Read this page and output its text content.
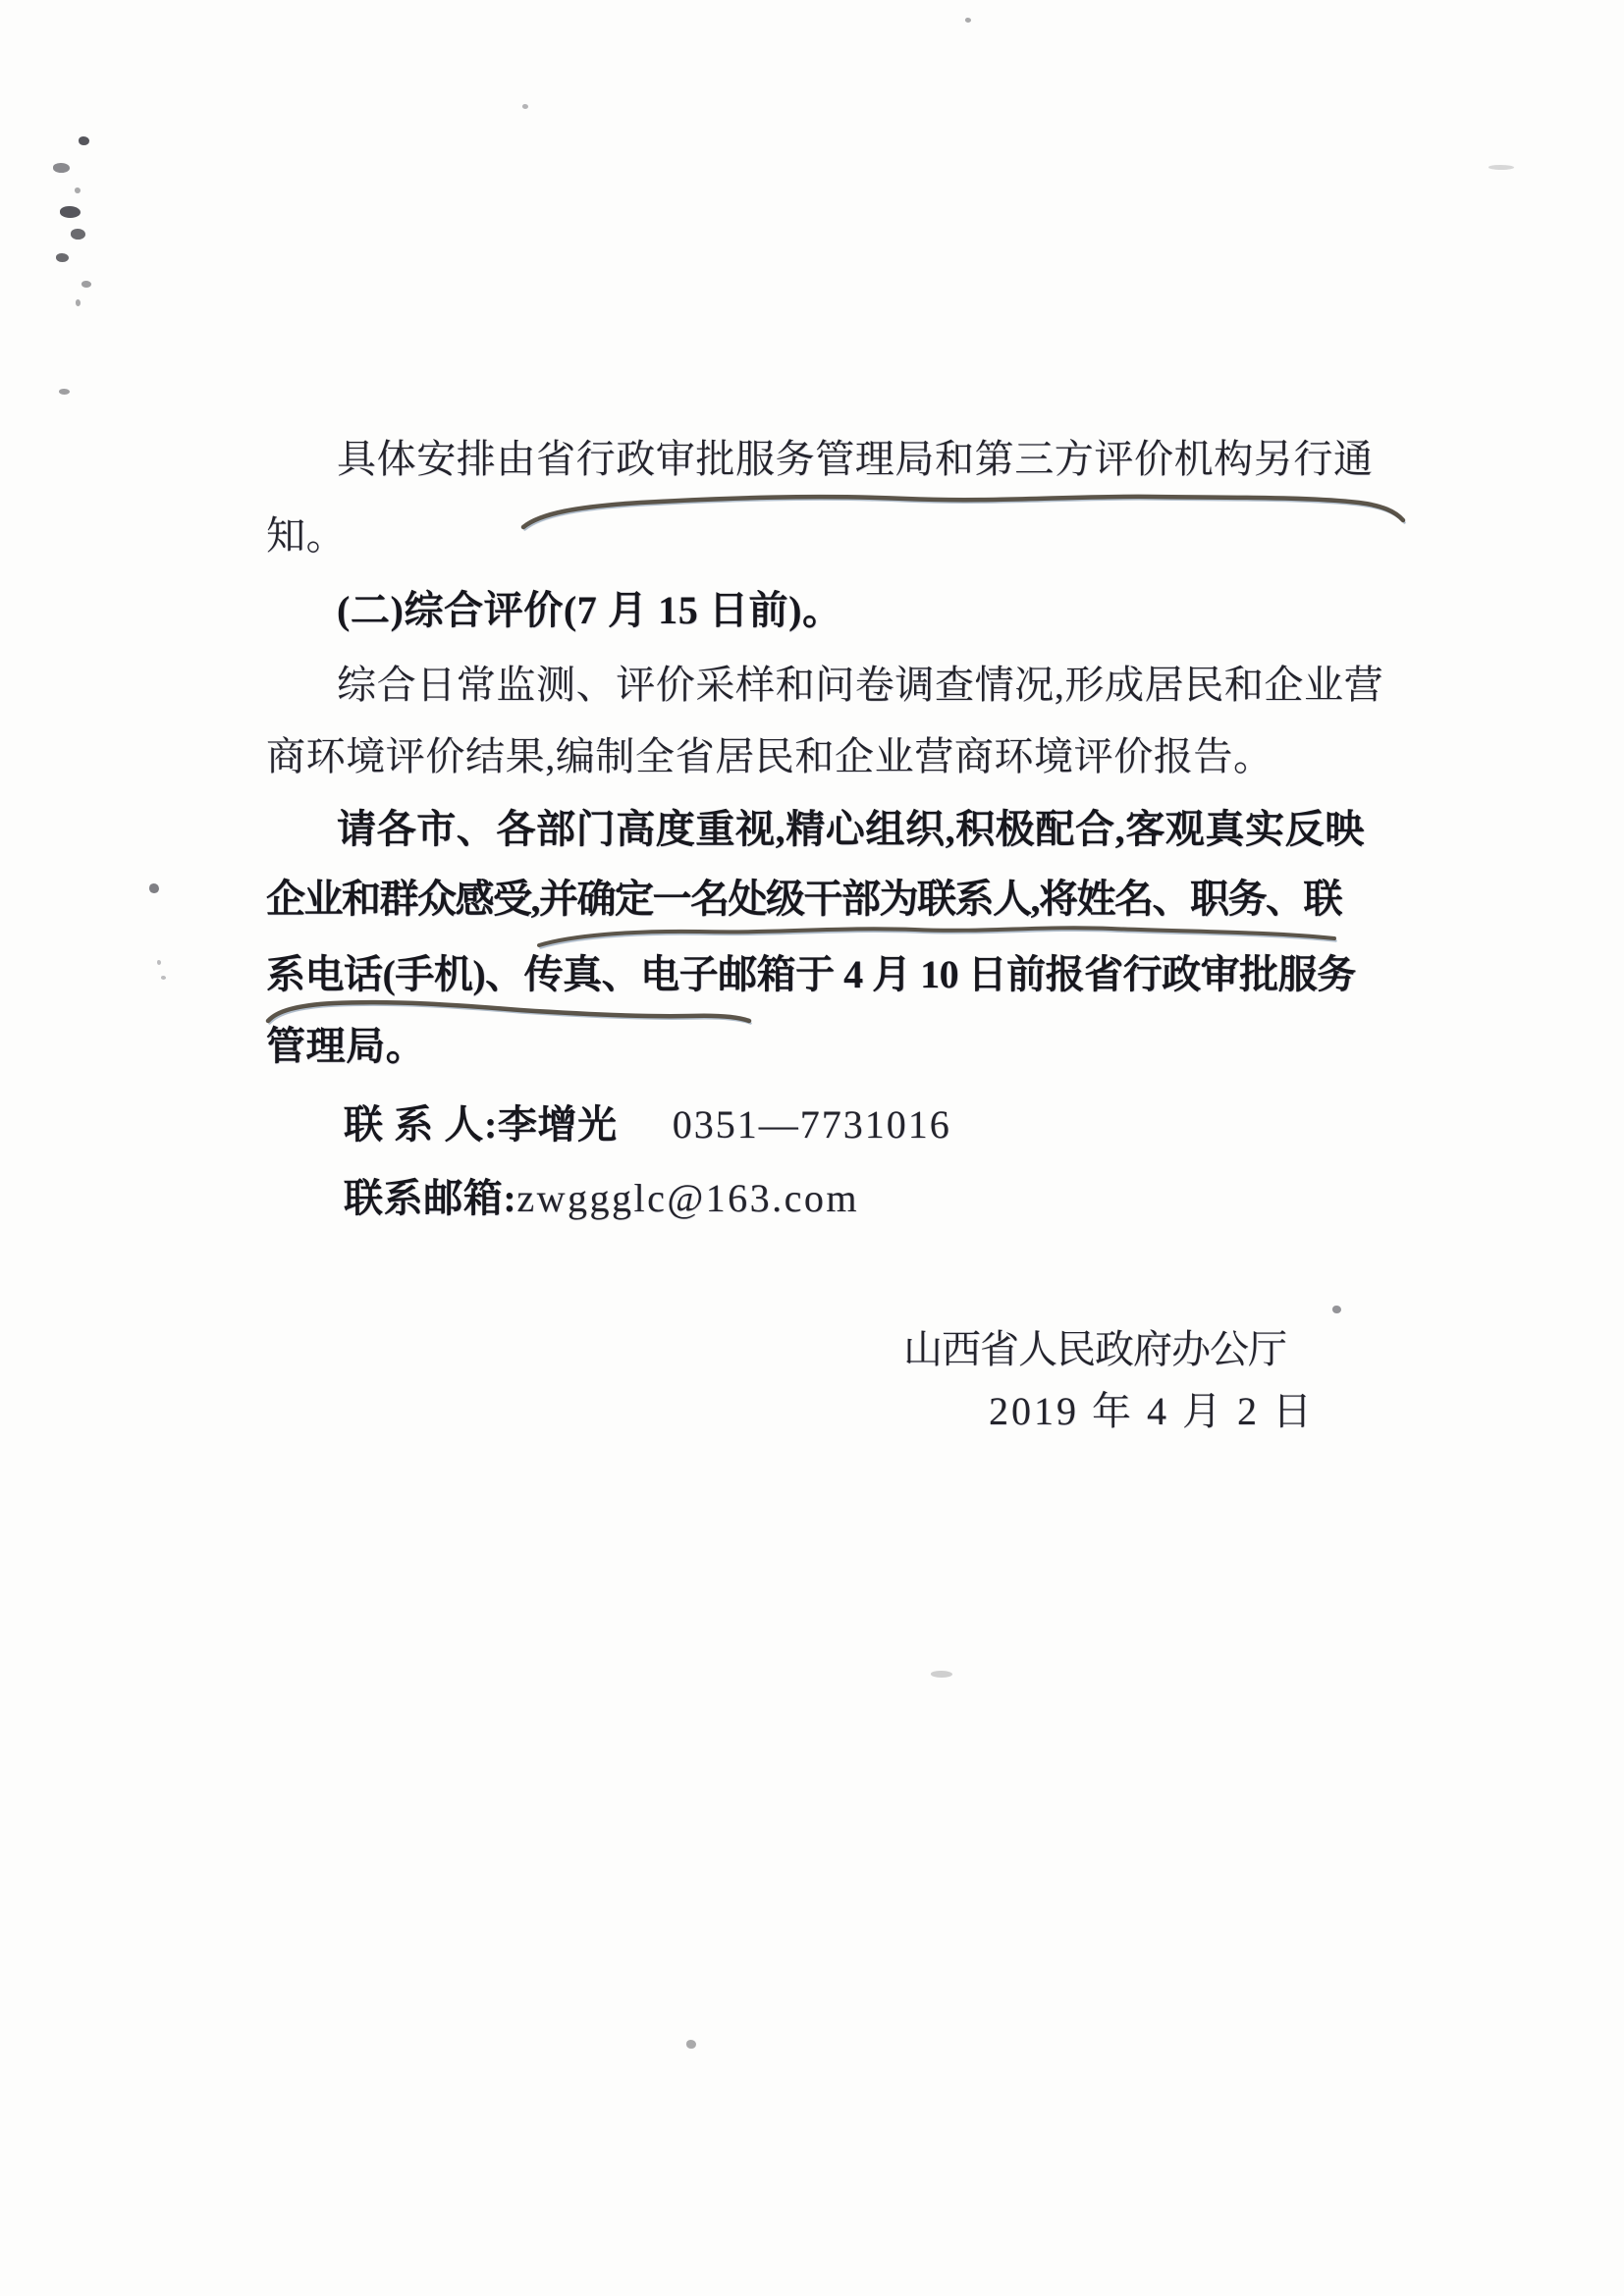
具体安排由省行政审批服务管理局和第三方评价机构另行通
知。
(二)综合评价(7 月 15 日前)。
综合日常监测、评价采样和问卷调查情况,形成居民和企业营
商环境评价结果,编制全省居民和企业营商环境评价报告。
请各市、各部门高度重视,精心组织,积极配合,客观真实反映
企业和群众感受,并确定一名处级干部为联系人,将姓名、职务、联
系电话(手机)、传真、电子邮箱于 4 月 10 日前报省行政审批服务
管理局。
联 系 人:李增光 0351—7731016
联系邮箱:zwggglc@163.com
山西省人民政府办公厅
2019 年 4 月 2 日
